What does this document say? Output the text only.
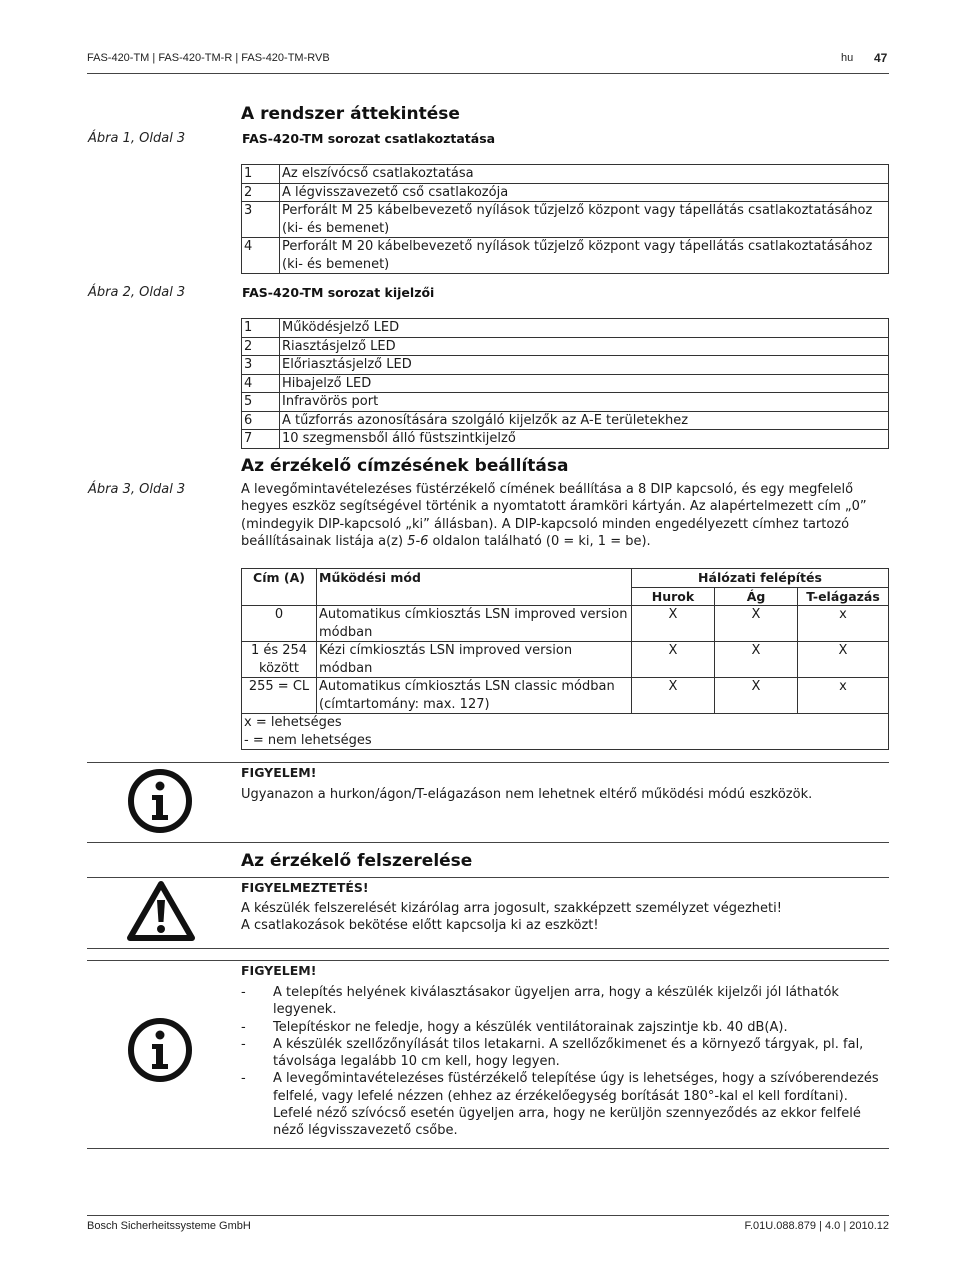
FAS-420-TM | FAS-420-TM-R | FAS-420-TM-RVB	hu 47
A rendszer áttekintése
Ábra 1, Oldal 3	FAS-420-TM sorozat csatlakoztatása
1	Az elszívócső csatlakoztatása
2	A légvisszavezető cső csatlakozója
3	Perforált M 25 kábelbevezető nyílások tűzjelző központ vagy tápellátás csatlakoztatásához (ki- és bemenet)
4	Perforált M 20 kábelbevezető nyílások tűzjelző központ vagy tápellátás csatlakoztatásához (ki- és bemenet)
Ábra 2, Oldal 3	FAS-420-TM sorozat kijelzői
1	Működésjelző LED
2	Riasztásjelző LED
3	Előriasztásjelző LED
4	Hibajelző LED
5	Infravörös port
6	A tűzforrás azonosítására szolgáló kijelzők az A-E területekhez
7	10 szegmensből álló füstszintkijelző
Az érzékelő címzésének beállítása
Ábra 3, Oldal 3	A levegőmintavételezéses füstérzékelő címének beállítása a 8 DIP kapcsoló, és egy megfelelő hegyes eszköz segítségével történik a nyomtatott áramköri kártyán. Az alapértelmezett cím „0” (mindegyik DIP-kapcsoló „ki” állásban). A DIP-kapcsoló minden engedélyezett címhez tartozó beállításainak listája a(z) 5-6 oldalon található (0 = ki, 1 = be).
Cím (A)	Működési mód	Hálózati felépítés		
		Hurok	Ág	T-elágazás
0	Automatikus címkiosztás LSN improved version módban	X	X	x
1 és 254 között	Kézi címkiosztás LSN improved version módban	X	X	X
255 = CL	Automatikus címkiosztás LSN classic módban (címtartomány: max. 127)	X	X	x

x = lehetséges
- = nem lehetséges				
FIGYELEM!
Ugyanazon a hurkon/ágon/T-elágazáson nem lehetnek eltérő működési módú eszközök.
Az érzékelő felszerelése
FIGYELMEZTETÉS!
A készülék felszerelését kizárólag arra jogosult, szakképzett személyzet végezheti!
A csatlakozások bekötése előtt kapcsolja ki az eszközt!
FIGYELEM!
- A telepítés helyének kiválasztásakor ügyeljen arra, hogy a készülék kijelzői jól láthatók legyenek.
- Telepítéskor ne feledje, hogy a készülék ventilátorainak zajszintje kb. 40 dB(A).
- A készülék szellőzőnyílását tilos letakarni. A szellőzőkimenet és a környező tárgyak, pl. fal, távolsága legalább 10 cm kell, hogy legyen.
- A levegőmintavételezéses füstérzékelő telepítése úgy is lehetséges, hogy a szívóberendezés felfelé, vagy lefelé nézzen (ehhez az érzékelőegység borítását 180°-kal el kell fordítani). Lefelé néző szívócső esetén ügyeljen arra, hogy ne kerüljön szennyeződés az ekkor felfelé néző légvisszavezető csőbe.
Bosch Sicherheitssysteme GmbH	F.01U.088.879 | 4.0 | 2010.12
